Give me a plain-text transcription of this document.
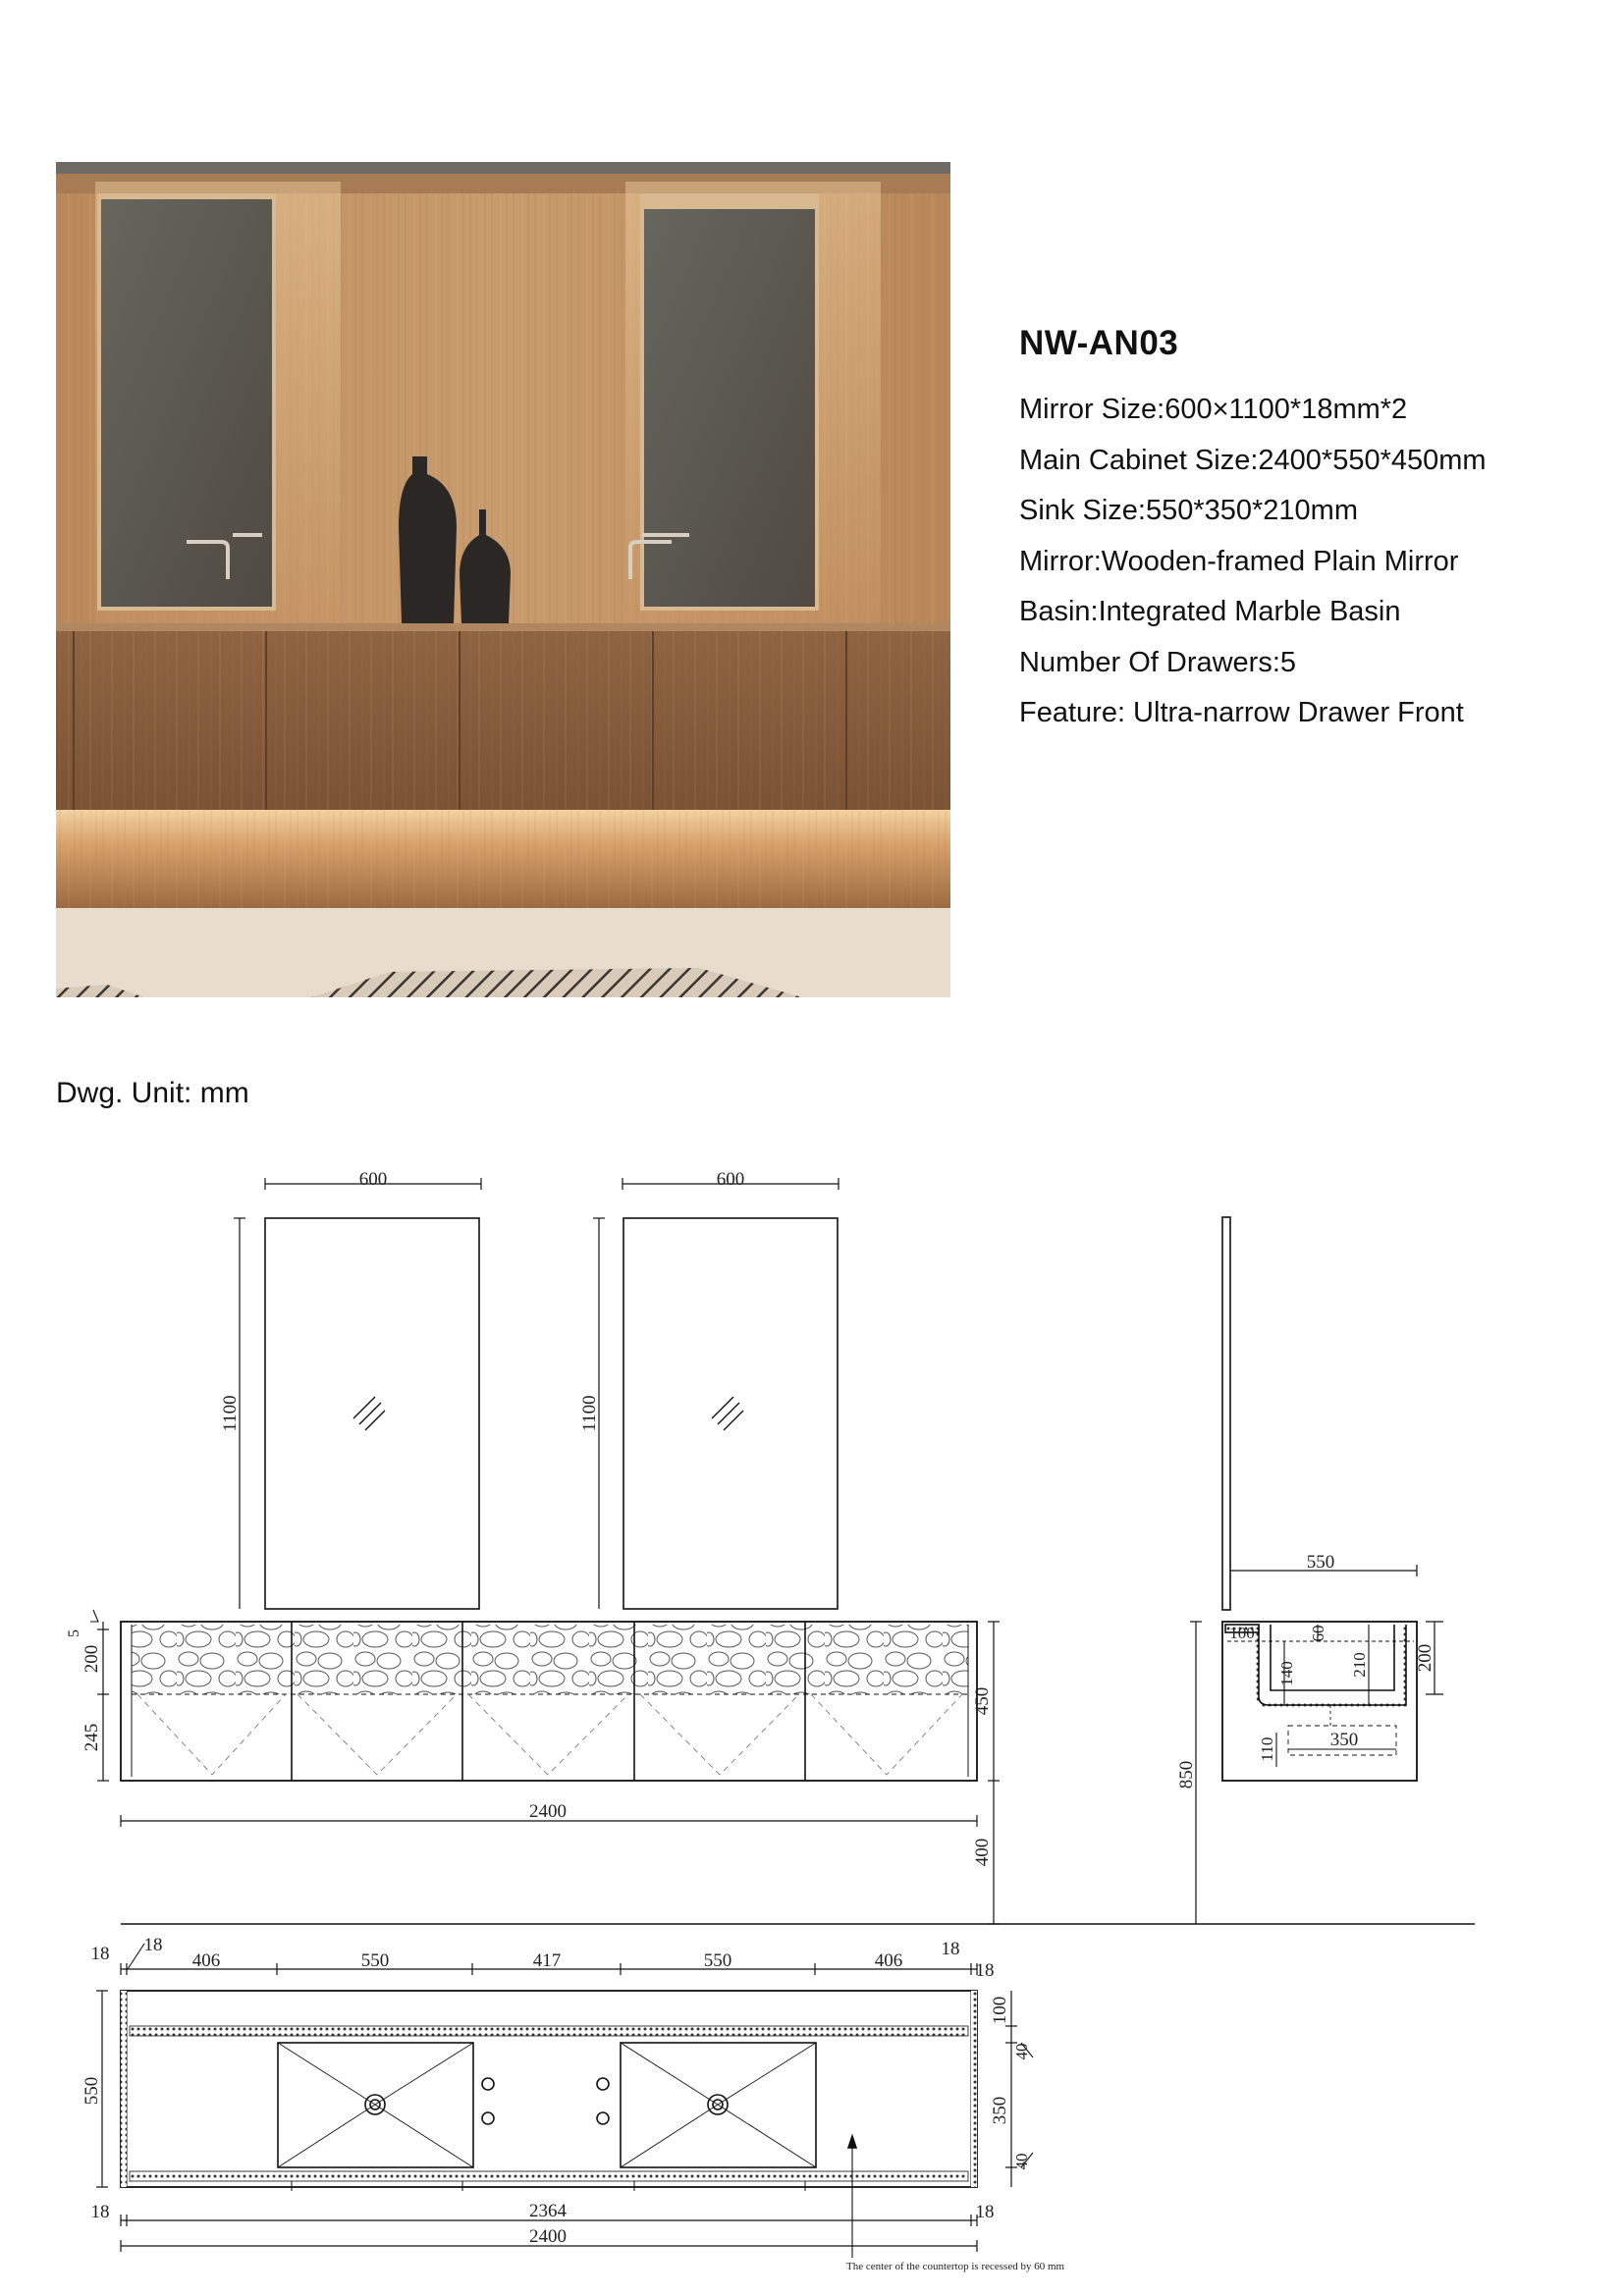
NW-AN03
Mirror Size:600×1100*18mm*2
Main Cabinet Size:2400*550*450mm
Sink Size:550*350*210mm
Mirror:Wooden-framed Plain Mirror
Basin:Integrated Marble Basin
Number Of Drawers:5
Feature: Ultra-narrow Drawer Front
Dwg. Unit: mm
600	600
1100	1100
5
200
245
450
2400
400
550
100	60
140	210 200
110	350
850
18 18	18
18
406	550	417	550	406
550
100
40
350
40
18	18
2364
2400
The center of the countertop is recessed by 60 mm
